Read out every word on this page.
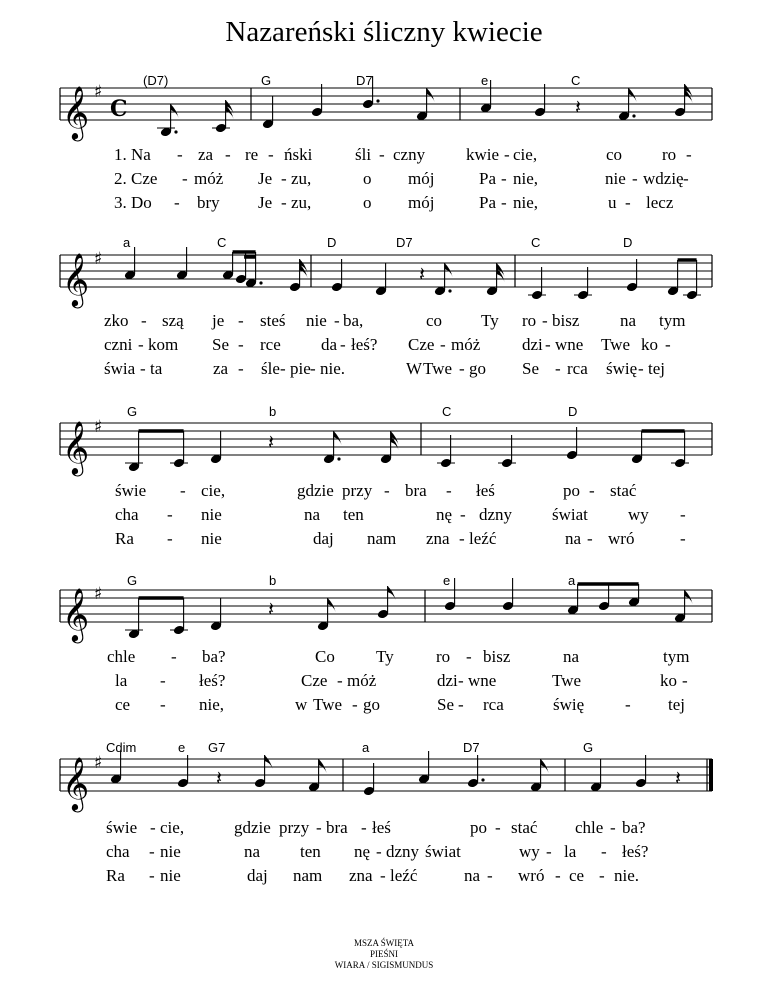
Nazareński śliczny kwiecie
𝄞 ♯
C	𝄽
𝄞 ♯
𝄽
𝄞 ♯
𝄽
𝄞 ♯
𝄽
𝄞 ♯
𝄽	𝄽
(D7)	G	D7	e	C
1. Na - za - re - ński	śli - czny kwie - cie,	co ro -
2. Cze - móż Je - zu,	o mój	Pa - nie,	nie - wdzię -
3. Do - bry Je - zu,	o mój	Pa - nie,	u - lecz
a	C	D	D7	C	D
zko - szą je - steś nie - ba,	co Ty ro - bisz na tym
czni - kom Se - rce da - łeś? Cze - móż dzi - wne Twe ko -
świa - ta	za - śle - pie - nie.	W Twe - go Se - rca świę - tej
G	b	C	D
świe - cie,	gdzie przy - bra - łeś	po - stać
cha - nie	na ten	nę - dzny świat wy -
Ra - nie	daj nam zna - leźć	na - wró	-
G	b	e	a
chle - ba?	Co Ty ro - bisz	na	tym
la - łeś?	Cze - móż	dzi - wne	Twe	ko -
ce - nie,	w Twe - go	Se - rca	świę - tej
Cdim	e G7	a	D7	G
świe - cie,	gdzie przy - bra - łeś	po - stać chle - ba?
cha - nie	na ten nę - dzny świat	wy - la - łeś?
Ra - nie	daj nam zna - leźć	na - wró - ce - nie.
MSZA ŚWIĘTA
PIEŚNI
WIARA / SIGISMUNDUS
